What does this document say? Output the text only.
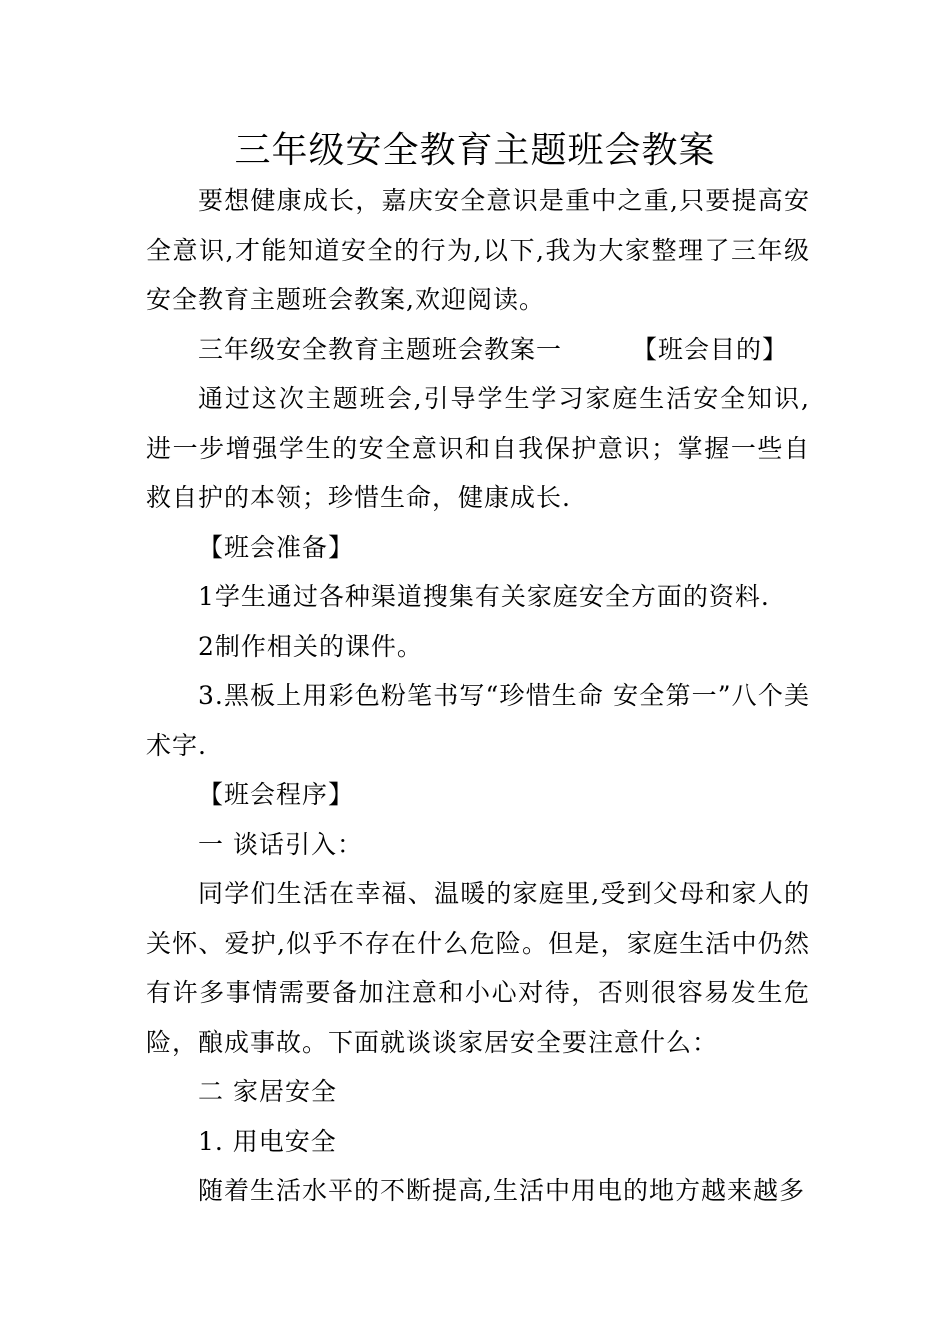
三年级安全教育主题班会教案

要想健康成长，嘉庆安全意识是重中之重,只要提高安全意识,才能知道安全的行为,以下,我为大家整理了三年级安全教育主题班会教案,欢迎阅读。

三年级安全教育主题班会教案一	【班会目的】

通过这次主题班会,引导学生学习家庭生活安全知识,进一步增强学生的安全意识和自我保护意识；掌握一些自救自护的本领；珍惜生命，健康成长.

【班会准备】

1学生通过各种渠道搜集有关家庭安全方面的资料.

2制作相关的课件。

3.黑板上用彩色粉笔书写“珍惜生命 安全第一”八个美术字.

【班会程序】

一 谈话引入：

同学们生活在幸福、温暖的家庭里,受到父母和家人的关怀、爱护,似乎不存在什么危险。但是，家庭生活中仍然有许多事情需要备加注意和小心对待，否则很容易发生危险，酿成事故。下面就谈谈家居安全要注意什么：

二 家居安全

1. 用电安全

随着生活水平的不断提高,生活中用电的地方越来越多
